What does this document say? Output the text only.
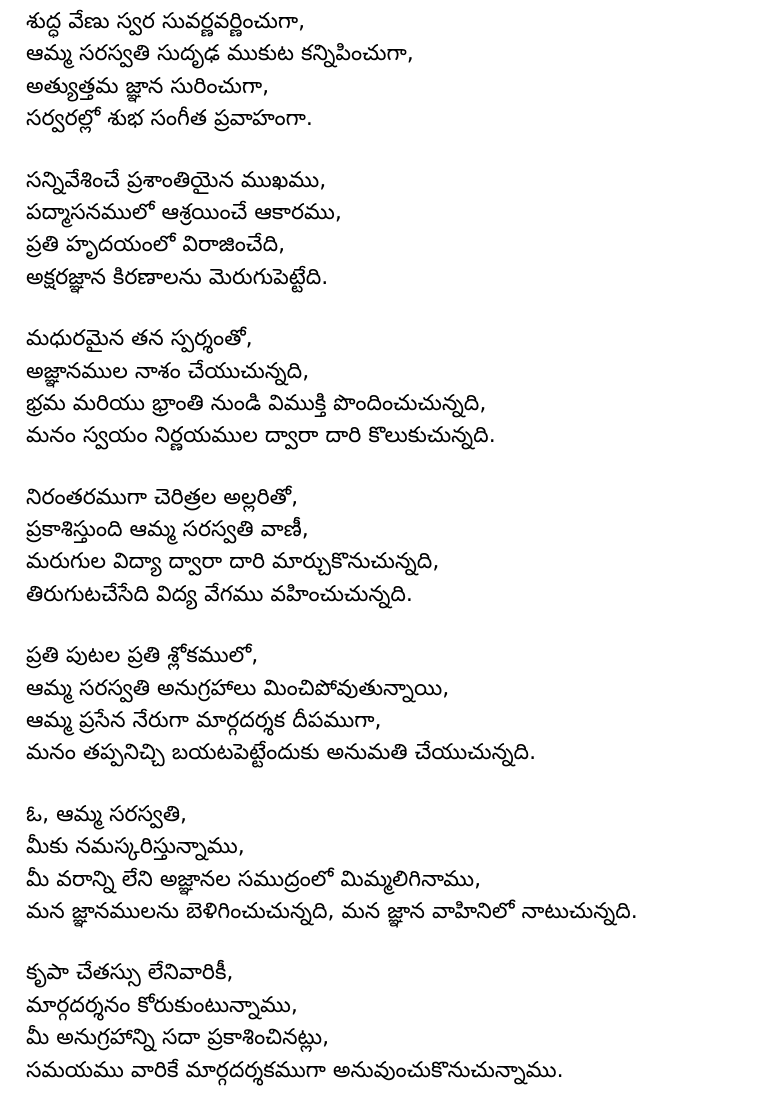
శుద్ధ వేణు స్వర సువర్ణవర్ణించుగా,
ఆమ్మ సరస్వతి సుదృఢ ముకుట కన్నిపించుగా,
అత్యుత్తమ జ్ఞాన సురించుగా,
సర్వరల్లో శుభ సంగీత ప్రవాహంగా.
సన్నివేశించే ప్రశాంతియైన ముఖము,
పద్మాసనములో ఆశ్రయించే ఆకారము,
ప్రతి హృదయంలో విరాజించేది,
అక్షరజ్ఞాన కిరణాలను మెరుగుపెట్టేది.
మధురమైన తన స్పర్శంతో,
అజ్ఞానముల నాశం చేయుచున్నది,
భ్రమ మరియు భ్రాంతి నుండి విముక్తి పొందించుచున్నది,
మనం స్వయం నిర్ణయముల ద్వారా దారి కొలుకుచున్నది.
నిరంతరముగా చెరిత్రల అల్లరితో,
ప్రకాశిస్తుంది ఆమ్మ సరస్వతి వాణీ,
మరుగుల విద్యా ద్వారా దారి మార్చుకొనుచున్నది,
తిరుగుటచేసేది విద్య వేగము వహించుచున్నది.
ప్రతి పుటల ప్రతి శ్లోకములో,
ఆమ్మ సరస్వతి అనుగ్రహాలు మించిపోవుతున్నాయి,
ఆమ్మ ప్రసేన నేరుగా మార్గదర్శక దీపముగా,
మనం తప్పనిచ్చి బయటపెట్టేందుకు అనుమతి చేయుచున్నది.
ఓ, ఆమ్మ సరస్వతి,
మీకు నమస్కరిస్తున్నాము,
మీ వరాన్ని లేని అజ్ఞానల సముద్రంలో మిమ్మలిగినాము,
మన జ్ఞానములను బెళిగించుచున్నది, మన జ్ఞాన వాహినిలో నాటుచున్నది.
కృపా చేతస్సు లేనివారికీ,
మార్గదర్శనం కోరుకుంటున్నాము,
మీ అనుగ్రహాన్ని సదా ప్రకాశించినట్లు,
సమయము వారికే మార్గదర్శకముగా అనువుంచుకొనుచున్నాము.
